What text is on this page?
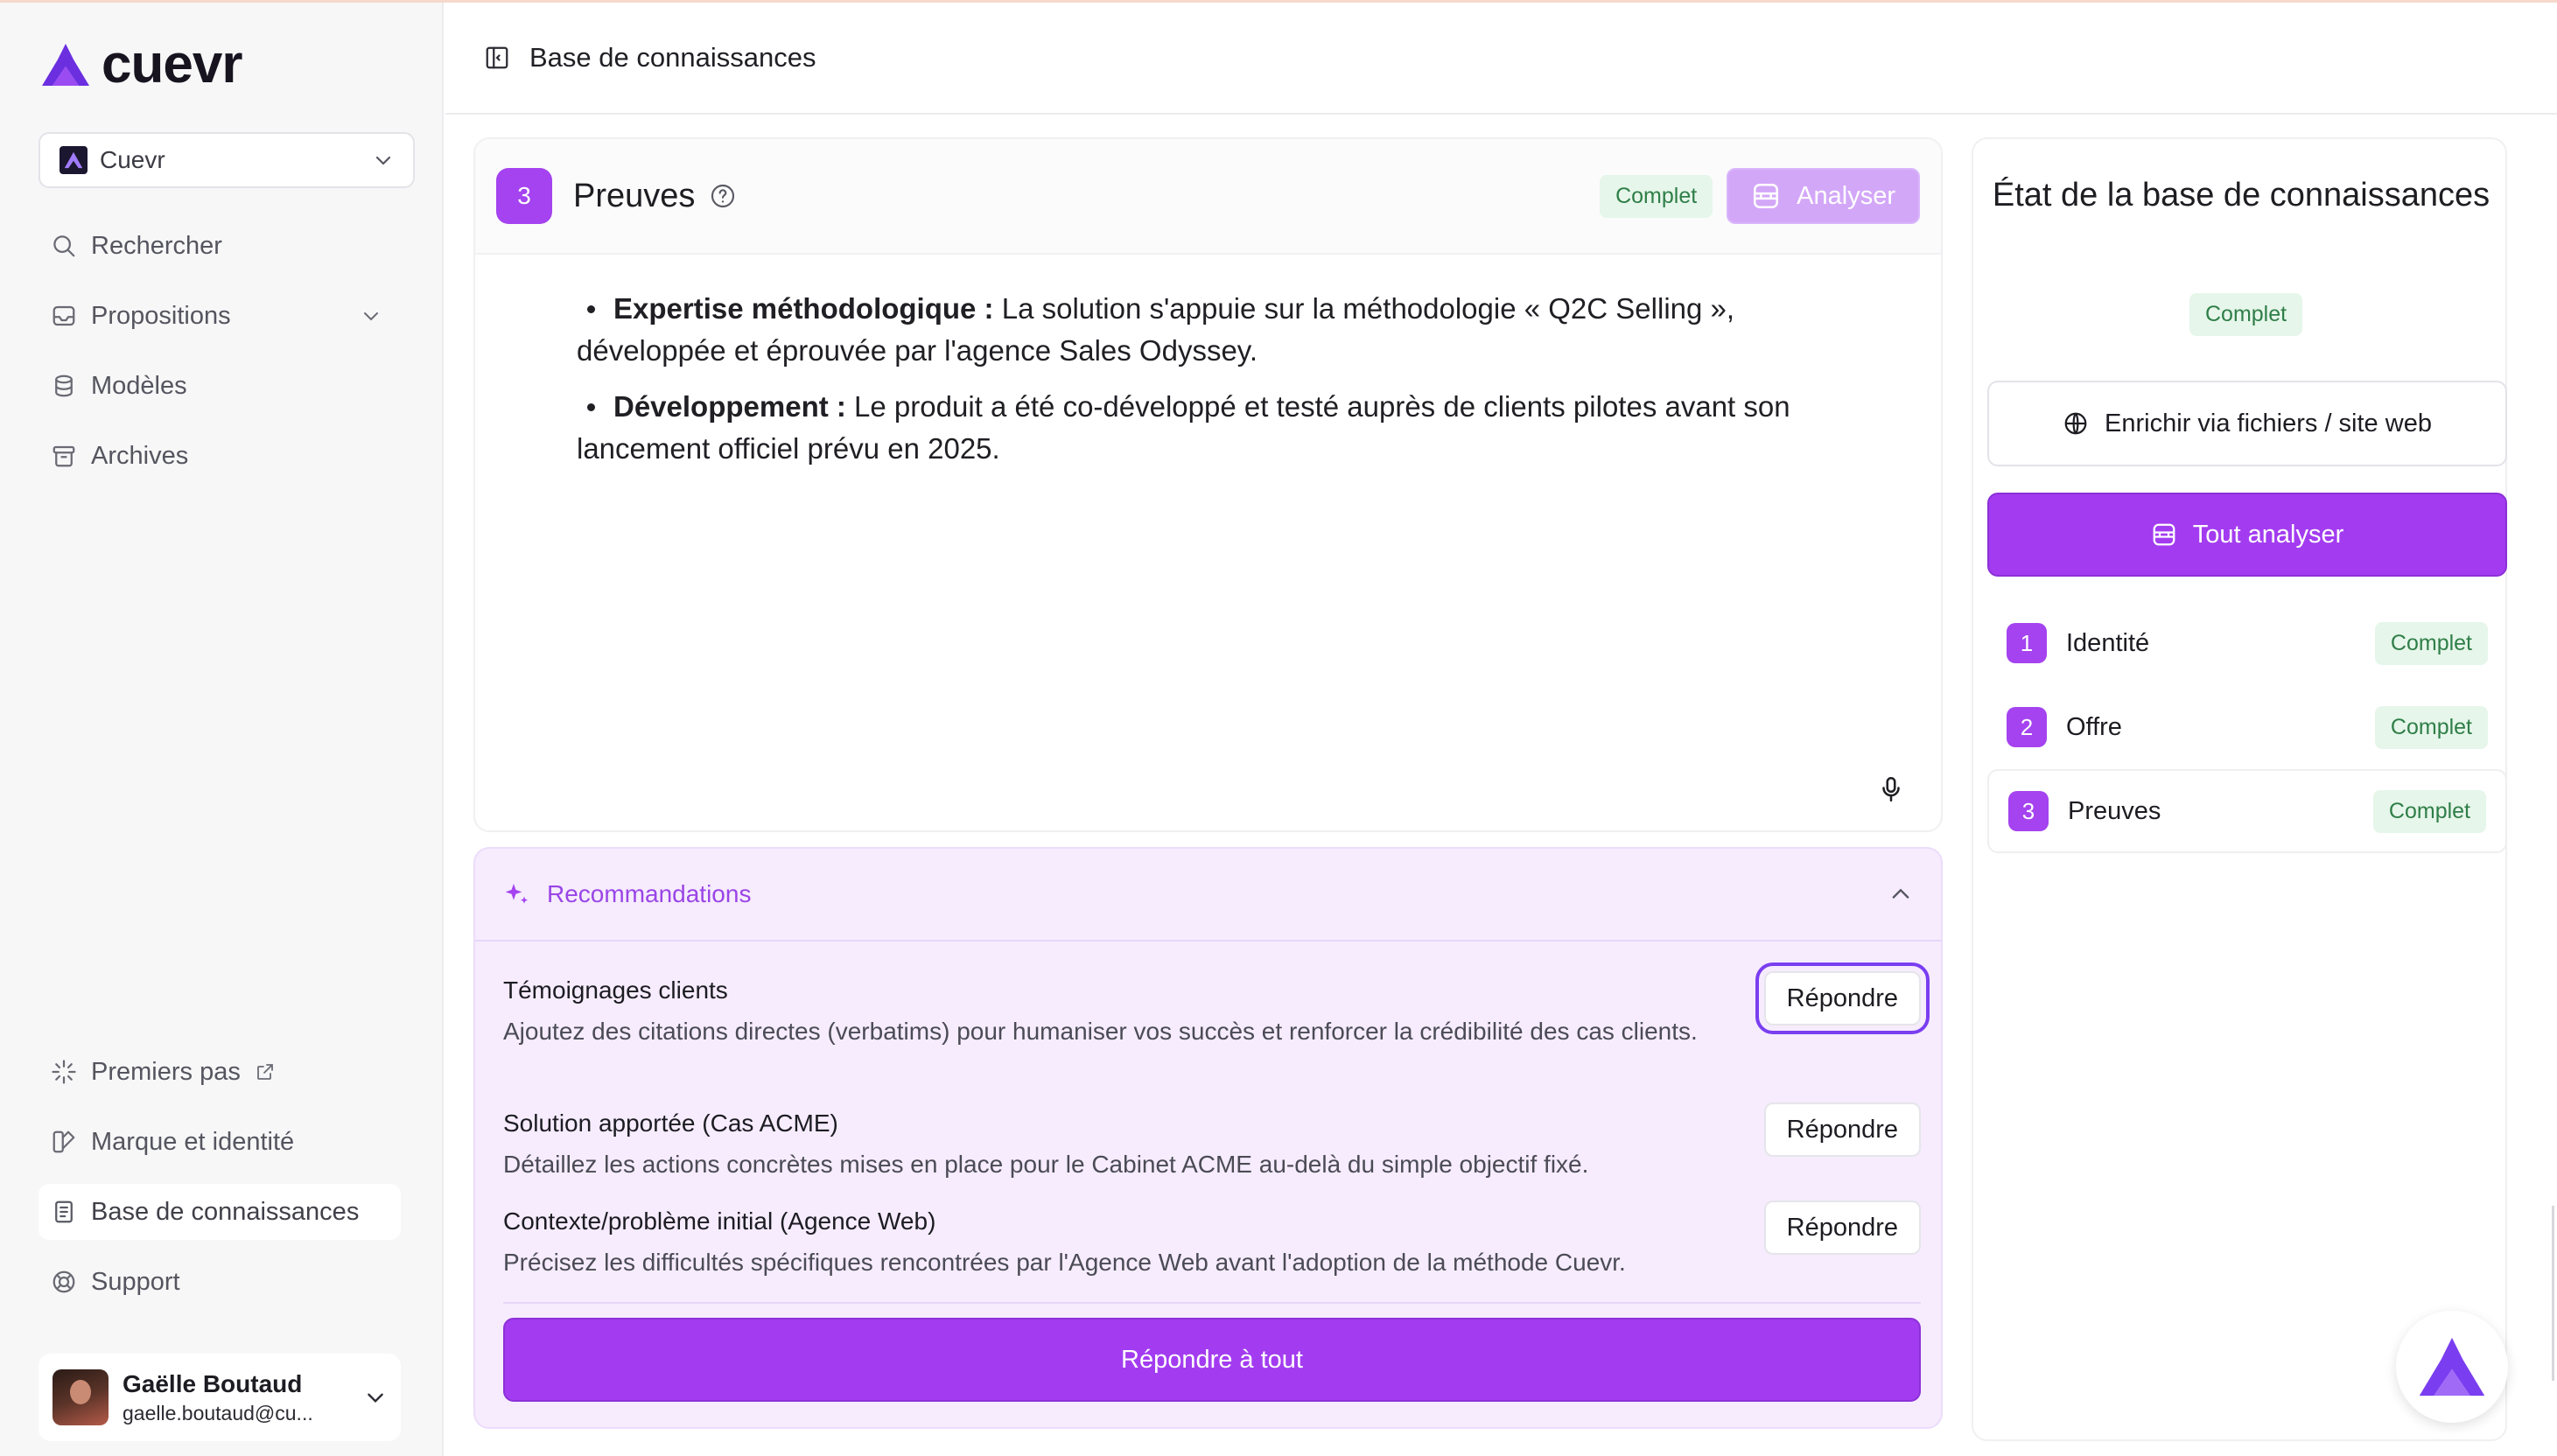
cuevr
Cuevr
Rechercher
Propositions
Modèles
Archives
Premiers pas
Marque et identité
Base de connaissances
Support
Gaëlle Boutaud
gaelle.boutaud@cu...
Base de connaissances
3	Preuves	Complet	Analyser
Expertise méthodologique : La solution s'appuie sur la méthodologie « Q2C Selling », développée et éprouvée par l'agence Sales Odyssey.
Développement : Le produit a été co-développé et testé auprès de clients pilotes avant son lancement officiel prévu en 2025.
Recommandations
Témoignages clients
Ajoutez des citations directes (verbatims) pour humaniser vos succès et renforcer la crédibilité des cas clients.
Répondre
Solution apportée (Cas ACME)
Détaillez les actions concrètes mises en place pour le Cabinet ACME au-delà du simple objectif fixé.
Répondre
Contexte/problème initial (Agence Web)
Précisez les difficultés spécifiques rencontrées par l'Agence Web avant l'adoption de la méthode Cuevr.
Répondre
Répondre à tout
État de la base de connaissances
Complet
Enrichir via fichiers / site web
Tout analyser
1	Identité	Complet
2	Offre	Complet
3	Preuves	Complet
